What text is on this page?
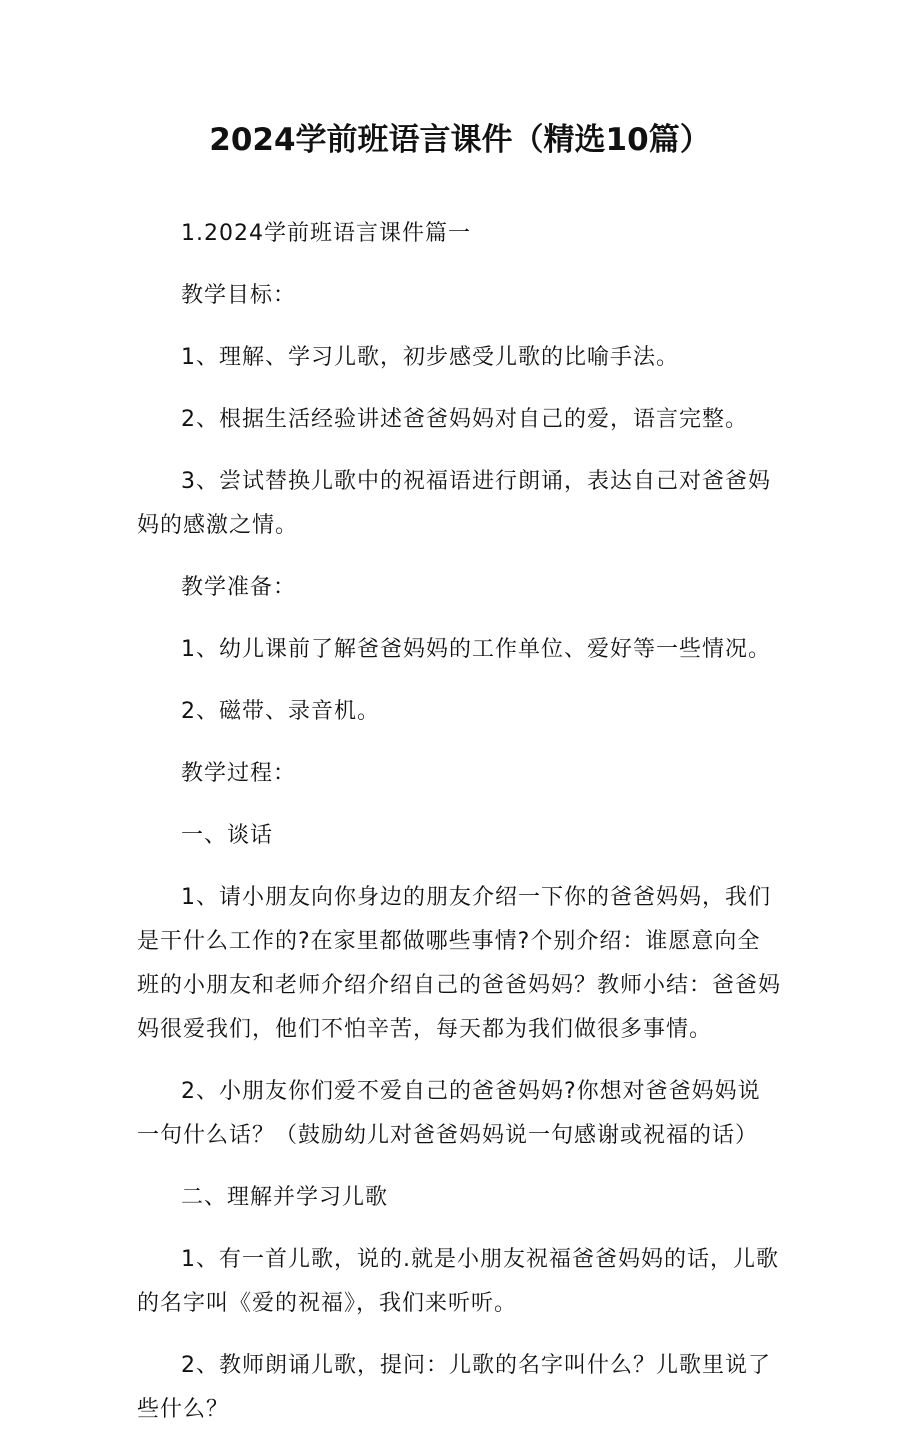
2024学前班语言课件（精选10篇）

1.2024学前班语言课件篇一

教学目标：

1、理解、学习儿歌，初步感受儿歌的比喻手法。

2、根据生活经验讲述爸爸妈妈对自己的爱，语言完整。

3、尝试替换儿歌中的祝福语进行朗诵，表达自己对爸爸妈妈的感激之情。

教学准备：

1、幼儿课前了解爸爸妈妈的工作单位、爱好等一些情况。

2、磁带、录音机。

教学过程：

一、谈话

1、请小朋友向你身边的朋友介绍一下你的爸爸妈妈，我们是干什么工作的?在家里都做哪些事情?个别介绍：谁愿意向全班的小朋友和老师介绍介绍自己的爸爸妈妈？教师小结：爸爸妈妈很爱我们，他们不怕辛苦，每天都为我们做很多事情。

2、小朋友你们爱不爱自己的爸爸妈妈?你想对爸爸妈妈说一句什么话？（鼓励幼儿对爸爸妈妈说一句感谢或祝福的话）

二、理解并学习儿歌

1、有一首儿歌，说的.就是小朋友祝福爸爸妈妈的话，儿歌的名字叫《爱的祝福》，我们来听听。

2、教师朗诵儿歌，提问：儿歌的名字叫什么？儿歌里说了些什么？
